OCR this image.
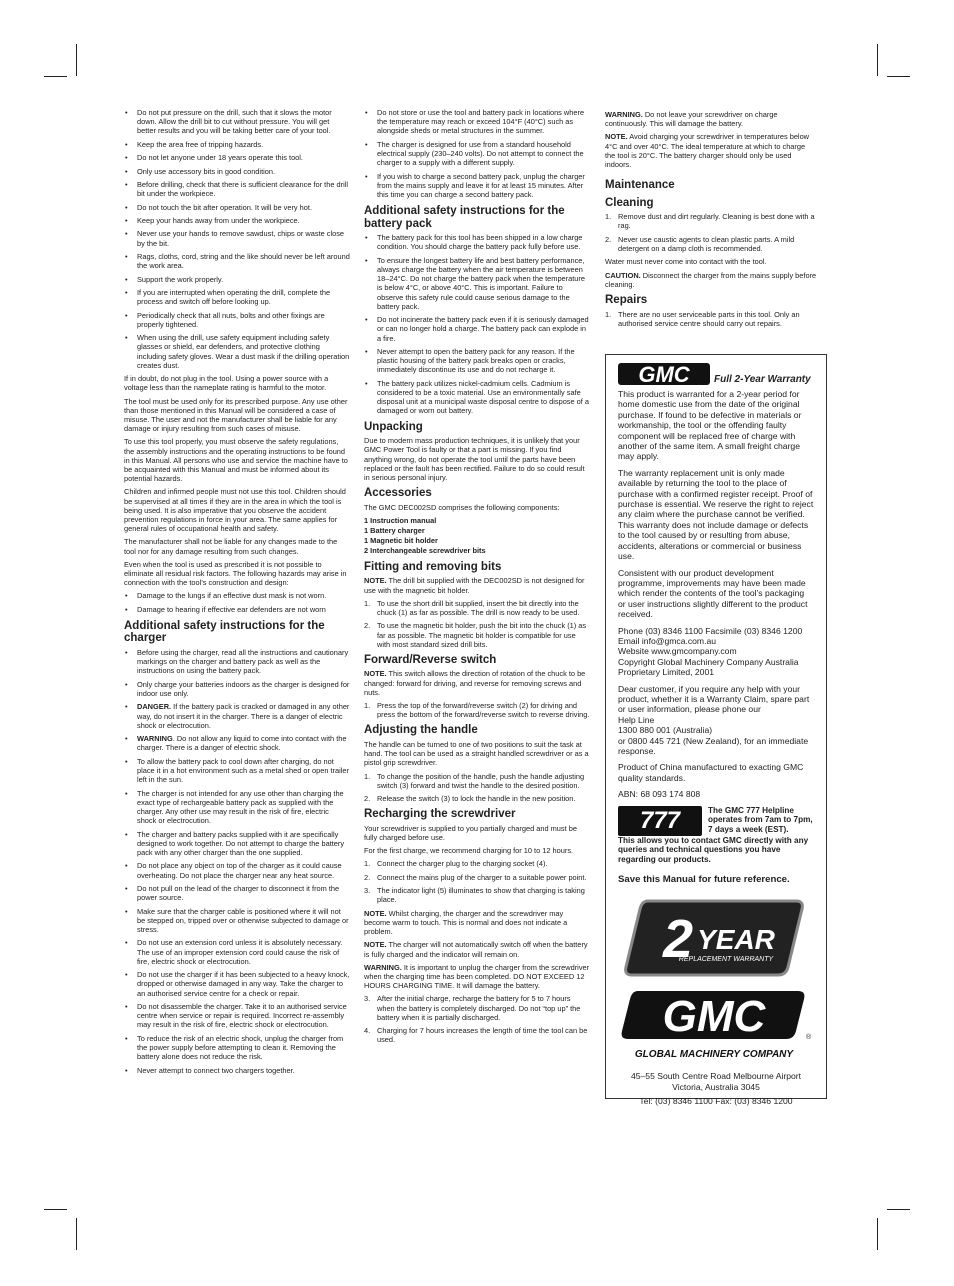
• Do not put pressure on the drill, such that it slows the motor down. Allow the drill bit to cut without pressure. You will get better results and you will be taking better care of your tool.
• Keep the area free of tripping hazards.
• Do not let anyone under 18 years operate this tool.
• Only use accessory bits in good condition.
• Before drilling, check that there is sufficient clearance for the drill bit under the workpiece.
• Do not touch the bit after operation. It will be very hot.
• Keep your hands away from under the workpiece.
• Never use your hands to remove sawdust, chips or waste close by the bit.
• Rags, cloths, cord, string and the like should never be left around the work area.
• Support the work properly.
• If you are interrupted when operating the drill, complete the process and switch off before looking up.
• Periodically check that all nuts, bolts and other fixings are properly tightened.
• When using the drill, use safety equipment including safety glasses or shield, ear defenders, and protective clothing including safety gloves. Wear a dust mask if the drilling operation creates dust.

If in doubt, do not plug in the tool. Using a power source with a voltage less than the nameplate rating is harmful to the motor.

The tool must be used only for its prescribed purpose. Any use other than those mentioned in this Manual will be considered a case of misuse. The user and not the manufacturer shall be liable for any damage or injury resulting from such cases of misuse.

To use this tool properly, you must observe the safety regulations, the assembly instructions and the operating instructions to be found in this Manual. All persons who use and service the machine have to be acquainted with this Manual and must be informed about its potential hazards.

Children and infirmed people must not use this tool. Children should be supervised at all times if they are in the area in which the tool is being used. It is also imperative that you observe the accident prevention regulations in force in your area. The same applies for general rules of occupational health and safety.

The manufacturer shall not be liable for any changes made to the tool nor for any damage resulting from such changes.

Even when the tool is used as prescribed it is not possible to eliminate all residual risk factors. The following hazards may arise in connection with the tool’s construction and design:

• Damage to the lungs if an effective dust mask is not worn.
• Damage to hearing if effective ear defenders are not worn
Additional safety instructions for the charger
• Before using the charger, read all the instructions and cautionary markings on the charger and battery pack as well as the instructions on using the battery pack.
• Only charge your batteries indoors as the charger is designed for indoor use only.
• DANGER. If the battery pack is cracked or damaged in any other way, do not insert it in the charger. There is a danger of electric shock or electrocution.
• WARNING. Do not allow any liquid to come into contact with the charger. There is a danger of electric shock.
• To allow the battery pack to cool down after charging, do not place it in a hot environment such as a metal shed or open trailer left in the sun.
• The charger is not intended for any use other than charging the exact type of rechargeable battery pack as supplied with the charger. Any other use may result in the risk of fire, electric shock or electrocution.
• The charger and battery packs supplied with it are specifically designed to work together. Do not attempt to charge the battery pack with any other charger than the one supplied.
• Do not place any object on top of the charger as it could cause overheating. Do not place the charger near any heat source.
• Do not pull on the lead of the charger to disconnect it from the power source.
• Make sure that the charger cable is positioned where it will not be stepped on, tripped over or otherwise subjected to damage or stress.
• Do not use an extension cord unless it is absolutely necessary. The use of an improper extension cord could cause the risk of fire, electric shock or electrocution.
• Do not use the charger if it has been subjected to a heavy knock, dropped or otherwise damaged in any way. Take the charger to an authorised service centre for a check or repair.
• Do not disassemble the charger. Take it to an authorised service centre when service or repair is required. Incorrect re-assembly may result in the risk of fire, electric shock or electrocution.
• To reduce the risk of an electric shock, unplug the charger from the power supply before attempting to clean it. Removing the battery alone does not reduce the risk.
• Never attempt to connect two chargers together.
• Do not store or use the tool and battery pack in locations where the temperature may reach or exceed 104°F (40°C) such as alongside sheds or metal structures in the summer.
• The charger is designed for use from a standard household electrical supply (230–240 volts). Do not attempt to connect the charger to a supply with a different supply.
• If you wish to charge a second battery pack, unplug the charger from the mains supply and leave it for at least 15 minutes. After this time you can charge a second battery pack.
Additional safety instructions for the battery pack
• The battery pack for this tool has been shipped in a low charge condition. You should charge the battery pack fully before use.
• To ensure the longest battery life and best battery performance, always charge the battery when the air temperature is between 18–24°C. Do not charge the battery pack when the temperature is below 4°C, or above 40°C. This is important. Failure to observe this safety rule could cause serious damage to the battery pack.
• Do not incinerate the battery pack even if it is seriously damaged or can no longer hold a charge. The battery pack can explode in a fire.
• Never attempt to open the battery pack for any reason. If the plastic housing of the battery pack breaks open or cracks, immediately discontinue its use and do not recharge it.
• The battery pack utilizes nickel-cadmium cells. Cadmium is considered to be a toxic material. Use an environmentally safe disposal unit at a municipal waste disposal centre to dispose of a damaged or worn out battery.
Unpacking

Due to modern mass production techniques, it is unlikely that your GMC Power Tool is faulty or that a part is missing. If you find anything wrong, do not operate the tool until the parts have been replaced or the fault has been rectified. Failure to do so could result in serious personal injury.

Accessories

The GMC DEC002SD comprises the following components:

1 Instruction manual
1 Battery charger
1 Magnetic bit holder
2 Interchangeable screwdriver bits
Fitting and removing bits

NOTE. The drill bit supplied with the DEC002SD is not designed for use with the magnetic bit holder.

1. To use the short drill bit supplied, insert the bit directly into the chuck (1) as far as possible. The drill is now ready to be used.
2. To use the magnetic bit holder, push the bit into the chuck (1) as far as possible. The magnetic bit holder is compatible for use with most standard sized drill bits.
Forward/Reverse switch

NOTE. This switch allows the direction of rotation of the chuck to be changed: forward for driving, and reverse for removing screws and nuts.

1. Press the top of the forward/reverse switch (2) for driving and press the bottom of the forward/reverse switch to reverse driving.
Adjusting the handle

The handle can be turned to one of two positions to suit the task at hand. The tool can be used as a straight handled screwdriver or as a pistol grip screwdriver.

1. To change the position of the handle, push the handle adjusting switch (3) forward and twist the handle to the desired position.
2. Release the switch (3) to lock the handle in the new position.
Recharging the screwdriver

Your screwdriver is supplied to you partially charged and must be fully charged before use.

For the first charge, we recommend charging for 10 to 12 hours.

1. Connect the charger plug to the charging socket (4).
2. Connect the mains plug of the charger to a suitable power point.
3. The indicator light (5) illuminates to show that charging is taking place.

NOTE. Whilst charging, the charger and the screwdriver may become warm to touch. This is normal and does not indicate a problem.

NOTE. The charger will not automatically switch off when the battery is fully charged and the indicator will remain on.

WARNING. It is important to unplug the charger from the screwdriver when the charging time has been completed. DO NOT EXCEED 12 HOURS CHARGING TIME. It will damage the battery.

3. After the initial charge, recharge the battery for 5 to 7 hours when the battery is completely discharged. Do not “top up” the battery when it is partially discharged.
4. Charging for 7 hours increases the length of time the tool can be used.

WARNING. Do not leave your screwdriver on charge continuously. This will damage the battery.

NOTE. Avoid charging your screwdriver in temperatures below 4°C and over 40°C. The ideal temperature at which to charge the tool is 20°C. The battery charger should only be used indoors.

Maintenance
Cleaning
1. Remove dust and dirt regularly. Cleaning is best done with a rag.
2. Never use caustic agents to clean plastic parts. A mild detergent on a damp cloth is recommended.

Water must never come into contact with the tool.

CAUTION. Disconnect the charger from the mains supply before cleaning.

Repairs
1. There are no user serviceable parts in this tool. Only an authorised service centre should carry out repairs.
GMC Full 2-Year Warranty

This product is warranted for a 2-year period for home domestic use from the date of the original purchase. If found to be defective in materials or workmanship, the tool or the offending faulty component will be replaced free of charge with another of the same item. A small freight charge may apply.

The warranty replacement unit is only made available by returning the tool to the place of purchase with a confirmed register receipt. Proof of purchase is essential. We reserve the right to reject any claim where the purchase cannot be verified. This warranty does not include damage or defects to the tool caused by or resulting from abuse, accidents, alterations or commercial or business use.

Consistent with our product development programme, improvements may have been made which render the contents of the tool’s packaging or user instructions slightly different to the product received.

Phone (03) 8346 1100 Facsimile (03) 8346 1200
Email info@gmca.com.au
Website www.gmcompany.com
Copyright Global Machinery Company Australia Proprietary Limited, 2001

Dear customer, if you require any help with your product, whether it is a Warranty Claim, spare part or user information, please phone our
Help Line
1300 880 001 (Australia)
or 0800 445 721 (New Zealand), for an immediate response.

Product of China manufactured to exacting GMC quality standards.

ABN: 68 093 174 808

777	The GMC 777 Helpline operates from 7am to 7pm, 7 days a week (EST).
This allows you to contact GMC directly with any queries and technical questions you have regarding our products.
Save this Manual for future reference.
2 YEAR
REPLACEMENT WARRANTY
GMC	®
GLOBAL MACHINERY COMPANY
45–55 South Centre Road Melbourne Airport
Victoria, Australia 3045
Tel: (03) 8346 1100 Fax: (03) 8346 1200
